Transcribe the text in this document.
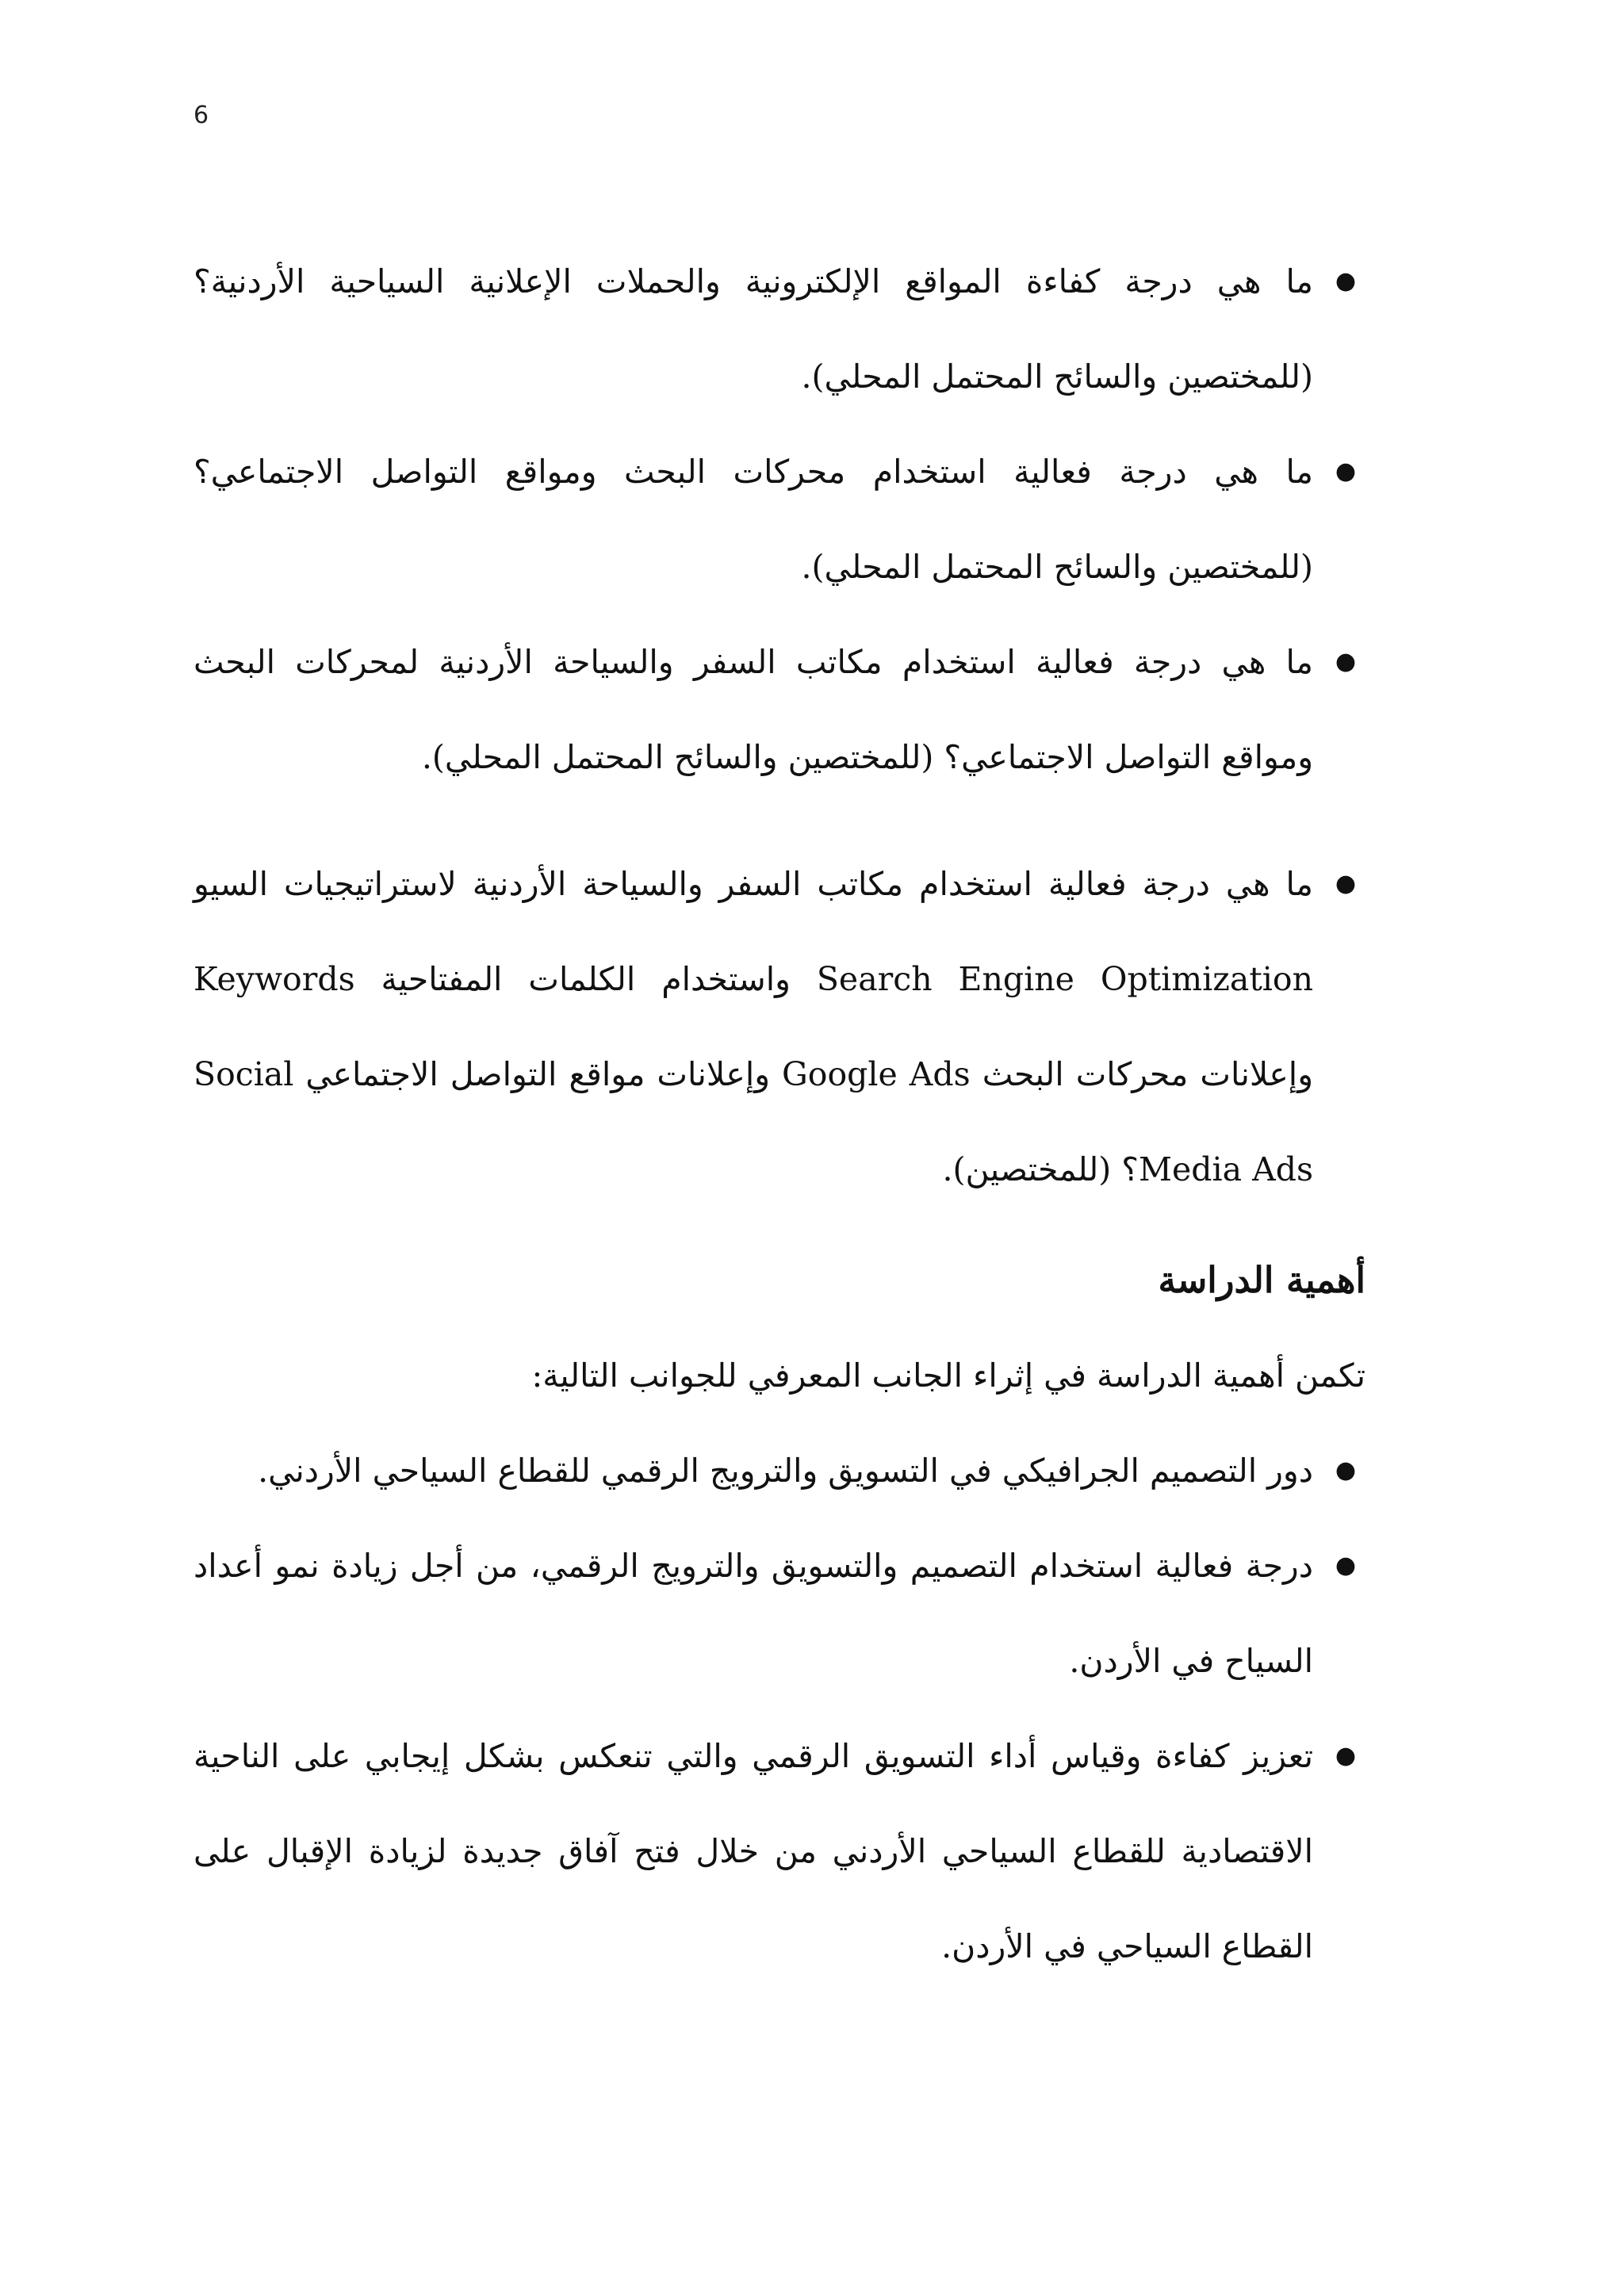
6
●
ما هي درجة كفاءة المواقع الإلكترونية والحملات الإعلانية السياحية الأردنية؟ (للمختصين والسائح المحتمل المحلي).
●
ما هي درجة فعالية استخدام محركات البحث ومواقع التواصل الاجتماعي؟ (للمختصين والسائح المحتمل المحلي).
●
ما هي درجة فعالية استخدام مكاتب السفر والسياحة الأردنية لمحركات البحث ومواقع التواصل الاجتماعي؟ (للمختصين والسائح المحتمل المحلي).
●
ما هي درجة فعالية استخدام مكاتب السفر والسياحة الأردنية لاستراتيجيات السيو Search Engine Optimization واستخدام الكلمات المفتاحية Keywords وإعلانات محركات البحث Google Ads وإعلانات مواقع التواصل الاجتماعي Social Media Ads؟ (للمختصين).
أهمية الدراسة
تكمن أهمية الدراسة في إثراء الجانب المعرفي للجوانب التالية:
●
دور التصميم الجرافيكي في التسويق والترويج الرقمي للقطاع السياحي الأردني.
●
درجة فعالية استخدام التصميم والتسويق والترويج الرقمي، من أجل زيادة نمو أعداد السياح في الأردن.
●
تعزيز كفاءة وقياس أداء التسويق الرقمي والتي تنعكس بشكل إيجابي على الناحية الاقتصادية للقطاع السياحي الأردني من خلال فتح آفاق جديدة لزيادة الإقبال على القطاع السياحي في الأردن.
